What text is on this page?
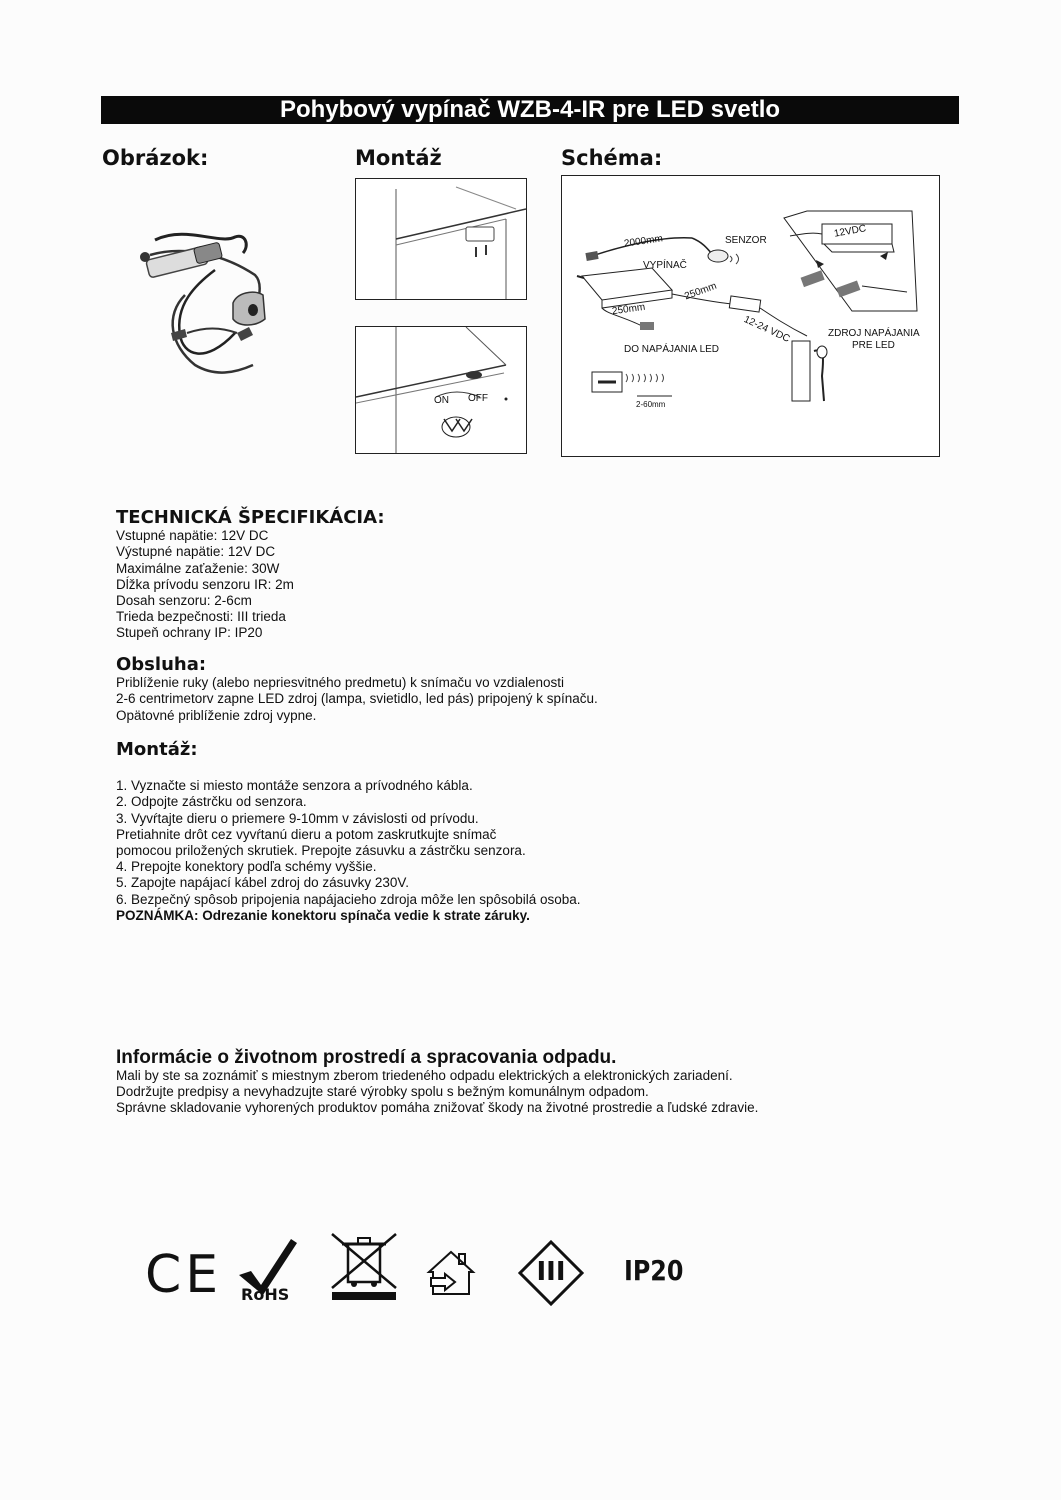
Pohybový vypínač WZB-4-IR pre LED svetlo
Obrázok:	Montáž	Schéma:
ON OFF
2000mm	SENZOR
VYPÍNAČ
250mm
250mm
12-24 VDC
12VDC
DO NAPÁJANIA LED
ZDROJ NAPÁJANIA
PRE LED
2-60mm
TECHNICKÁ ŠPECIFIKÁCIA:
Vstupné napätie: 12V DC
Výstupné napätie: 12V DC
Maximálne zaťaženie: 30W
Dĺžka prívodu senzoru IR: 2m
Dosah senzoru: 2-6cm
Trieda bezpečnosti: III trieda
Stupeň ochrany IP: IP20
Obsluha:
Priblíženie ruky (alebo nepriesvitného predmetu) k snímaču vo vzdialenosti
2-6 centrimetorv zapne LED zdroj (lampa, svietidlo, led pás) pripojený k spínaču.
Opätovné priblíženie zdroj vypne.
Montáž:
1. Vyznačte si miesto montáže senzora a prívodného kábla.
2. Odpojte zástrčku od senzora.
3. Vyvŕtajte dieru o priemere 9-10mm v závislosti od prívodu.
Pretiahnite drôt cez vyvŕtanú dieru a potom zaskrutkujte snímač
pomocou priložených skrutiek. Prepojte zásuvku a zástrčku senzora.
4. Prepojte konektory podľa schémy vyššie.
5. Zapojte napájací kábel zdroj do zásuvky 230V.
6. Bezpečný spôsob pripojenia napájacieho zdroja môže len spôsobilá osoba.
POZNÁMKA: Odrezanie konektoru spínača vedie k strate záruky.
Informácie o životnom prostredí a spracovania odpadu.
Mali by ste sa zoznámiť s miestnym zberom triedeného odpadu elektrických a elektronických zariadení.
Dodržujte predpisy a nevyhadzujte staré výrobky spolu s bežným komunálnym odpadom.
Správne skladovanie vyhorených produktov pomáha znižovať škody na životné prostredie a ľudské zdravie.
CE RoHS
III	IP20
